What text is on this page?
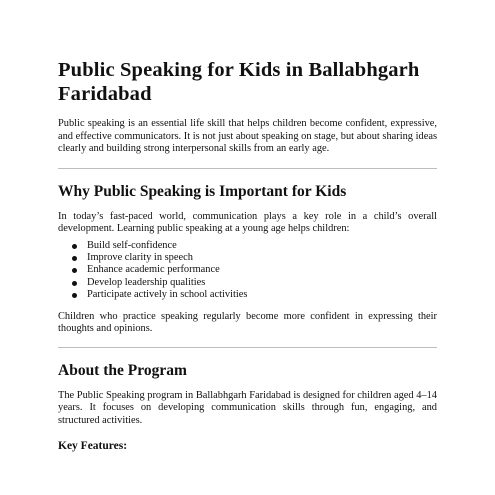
Public Speaking for Kids in Ballabhgarh Faridabad

Public speaking is an essential life skill that helps children become confident, expressive, and effective communicators. It is not just about speaking on stage, but about sharing ideas clearly and building strong interpersonal skills from an early age.

Why Public Speaking is Important for Kids

In today’s fast-paced world, communication plays a key role in a child’s overall development. Learning public speaking at a young age helps children:

Build self-confidence
Improve clarity in speech
Enhance academic performance
Develop leadership qualities
Participate actively in school activities

Children who practice speaking regularly become more confident in expressing their thoughts and opinions.

About the Program

The Public Speaking program in Ballabhgarh Faridabad is designed for children aged 4–14 years. It focuses on developing communication skills through fun, engaging, and structured activities.

Key Features:
